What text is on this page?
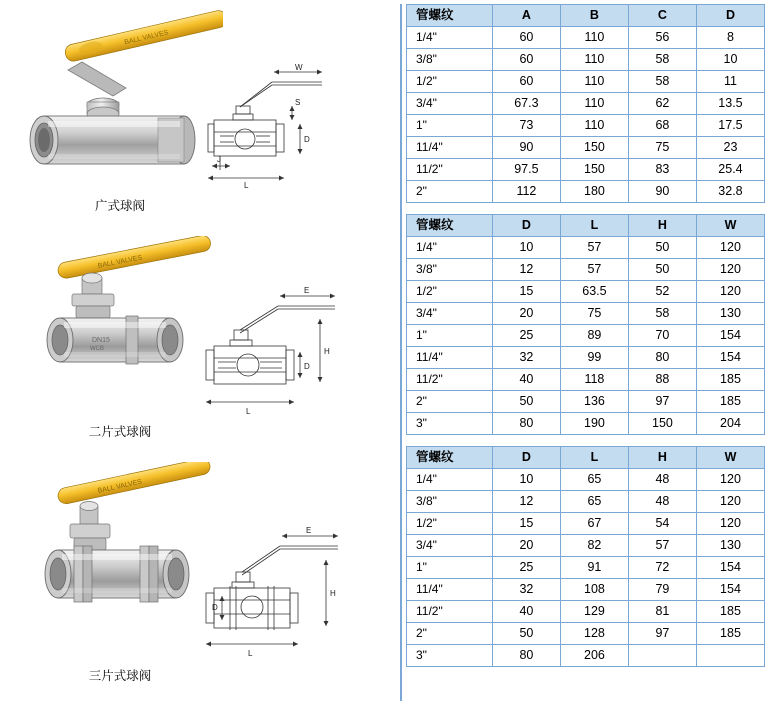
BALL VALVES
W
S
D
J
L
广式球阀
BALL VALVES
DN15
WCB
E
H
D
L
二片式球阀
BALL VALVES
E
H
D
L
三片式球阀
管螺纹	A	B	C	D
1/4"	60	110	56	8
3/8"	60	110	58	10
1/2"	60	110	58	11
3/4"	67.3	110	62	13.5
1"	73	110	68	17.5
11/4"	90	150	75	23
11/2"	97.5	150	83	25.4
2"	112	180	90	32.8
管螺纹	D	L	H	W
1/4"	10	57	50	120
3/8"	12	57	50	120
1/2"	15	63.5	52	120
3/4"	20	75	58	130
1"	25	89	70	154
11/4"	32	99	80	154
11/2"	40	118	88	185
2"	50	136	97	185
3"	80	190	150	204
管螺纹	D	L	H	W
1/4"	10	65	48	120
3/8"	12	65	48	120
1/2"	15	67	54	120
3/4"	20	82	57	130
1"	25	91	72	154
11/4"	32	108	79	154
11/2"	40	129	81	185
2"	50	128	97	185
3"	80	206		
